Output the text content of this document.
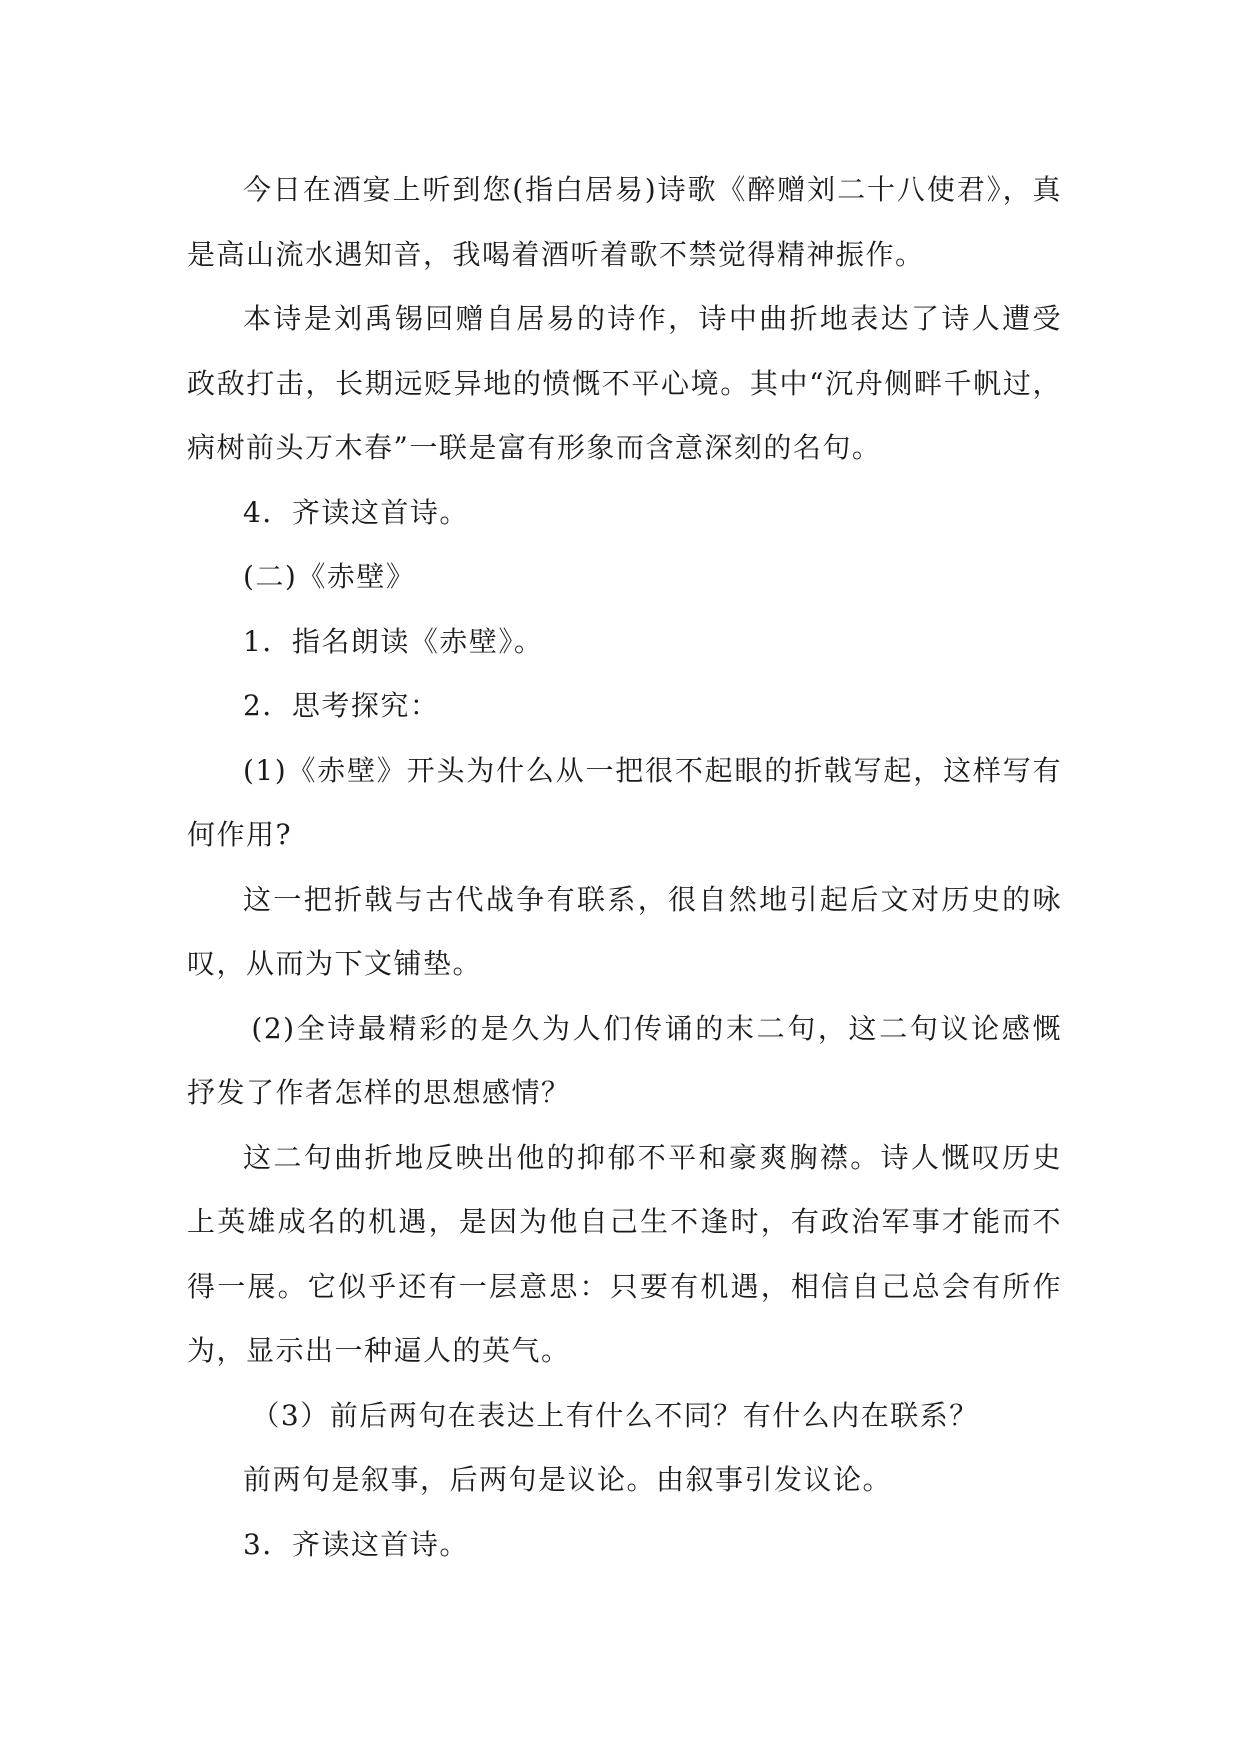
今日在酒宴上听到您(指白居易)诗歌《醉赠刘二十八使君》，真是高山流水遇知音，我喝着酒听着歌不禁觉得精神振作。

本诗是刘禹锡回赠自居易的诗作，诗中曲折地表达了诗人遭受政敌打击，长期远贬异地的愤慨不平心境。其中“沉舟侧畔千帆过，病树前头万木春”一联是富有形象而含意深刻的名句。

4．齐读这首诗。

(二)《赤壁》

1．指名朗读《赤壁》。

2．思考探究：

(1)《赤壁》开头为什么从一把很不起眼的折戟写起，这样写有何作用?

这一把折戟与古代战争有联系，很自然地引起后文对历史的咏叹，从而为下文铺垫。

(2)全诗最精彩的是久为人们传诵的末二句，这二句议论感慨抒发了作者怎样的思想感情？

这二句曲折地反映出他的抑郁不平和豪爽胸襟。诗人慨叹历史上英雄成名的机遇，是因为他自己生不逢时，有政治军事才能而不得一展。它似乎还有一层意思：只要有机遇，相信自己总会有所作为，显示出一种逼人的英气。

（3）前后两句在表达上有什么不同？有什么内在联系？

前两句是叙事，后两句是议论。由叙事引发议论。

3．齐读这首诗。
